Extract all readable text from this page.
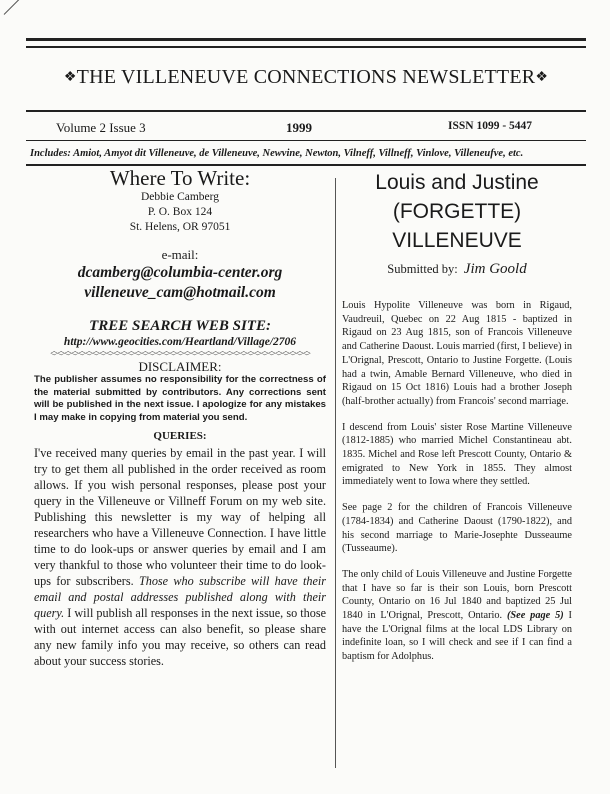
❖THE VILLENEUVE CONNECTIONS NEWSLETTER❖
Volume 2 Issue 3	1999	ISSN 1099 - 5447
Includes: Amiot, Amyot dit Villeneuve, de Villeneuve, Newvine, Newton, Vilneff, Villneff, Vinlove, Villeneufve, etc.
Where To Write:
Debbie Camberg
P. O. Box 124
St. Helens, OR 97051
e-mail:
dcamberg@columbia-center.org
villeneuve_cam@hotmail.com
TREE SEARCH WEB SITE:
http://www.geocities.com/Heartland/Village/2706
<><><><><><><><><><><><><><><><><><><><><><><><><><><><><><><><><><><><><>
DISCLAIMER:
The publisher assumes no responsibility for the correctness of the material submitted by contributors. Any corrections sent will be published in the next issue. I apologize for any mistakes I may make in copying from material you send.
QUERIES:
I've received many queries by email in the past year. I will try to get them all published in the order received as room allows. If you wish personal responses, please post your query in the Villeneuve or Villneff Forum on my web site. Publishing this newsletter is my way of helping all researchers who have a Villeneuve Connection. I have little time to do look-ups or answer queries by email and I am very thankful to those who volunteer their time to do look-ups for subscribers. Those who subscribe will have their email and postal addresses published along with their query. I will publish all responses in the next issue, so those with out internet access can also benefit, so please share any new family info you may receive, so others can read about your success stories.
Louis and Justine
(FORGETTE)
VILLENEUVE
Submitted by: Jim Goold

Louis Hypolite Villeneuve was born in Rigaud, Vaudreuil, Quebec on 22 Aug 1815 - baptized in Rigaud on 23 Aug 1815, son of Francois Villeneuve and Catherine Daoust. Louis married (first, I believe) in L'Orignal, Prescott, Ontario to Justine Forgette. (Louis had a twin, Amable Bernard Villeneuve, who died in Rigaud on 15 Oct 1816) Louis had a brother Joseph (half-brother actually) from Francois' second marriage.

I descend from Louis' sister Rose Martine Villeneuve (1812-1885) who married Michel Constantineau abt. 1835. Michel and Rose left Prescott County, Ontario & emigrated to New York in 1855. They almost immediately went to Iowa where they settled.

See page 2 for the children of Francois Villeneuve (1784-1834) and Catherine Daoust (1790-1822), and his second marriage to Marie-Josephte Dusseaume (Tusseaume).

The only child of Louis Villeneuve and Justine Forgette that I have so far is their son Louis, born Prescott County, Ontario on 16 Jul 1840 and baptized 25 Jul 1840 in L'Orignal, Prescott, Ontario. (See page 5) I have the L'Orignal films at the local LDS Library on indefinite loan, so I will check and see if I can find a baptism for Adolphus.
